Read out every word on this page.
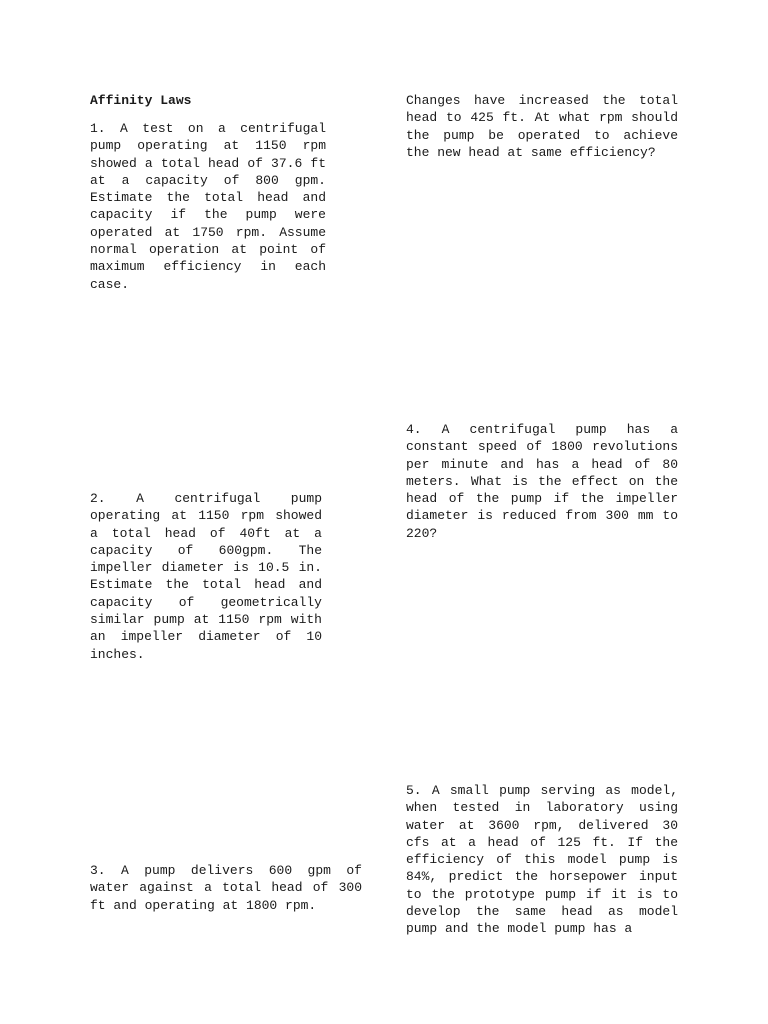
Affinity Laws

1. A test on a centrifugal pump operating at 1150 rpm showed a total head of 37.6 ft at a capacity of 800 gpm. Estimate the total head and capacity if the pump were operated at 1750 rpm. Assume normal operation at point of maximum efficiency in each case.

Changes have increased the total head to 425 ft. At what rpm should the pump be operated to achieve the new head at same efficiency?

2. A centrifugal pump operating at 1150 rpm showed a total head of 40ft at a capacity of 600gpm. The impeller diameter is 10.5 in. Estimate the total head and capacity of geometrically similar pump at 1150 rpm with an impeller diameter of 10 inches.

3. A pump delivers 600 gpm of water against a total head of 300 ft and operating at 1800 rpm.

4. A centrifugal pump has a constant speed of 1800 revolutions per minute and has a head of 80 meters. What is the effect on the head of the pump if the impeller diameter is reduced from 300 mm to 220?

5. A small pump serving as model, when tested in laboratory using water at 3600 rpm, delivered 30 cfs at a head of 125 ft. If the efficiency of this model pump is 84%, predict the horsepower input to the prototype pump if it is to develop the same head as model pump and the model pump has a
